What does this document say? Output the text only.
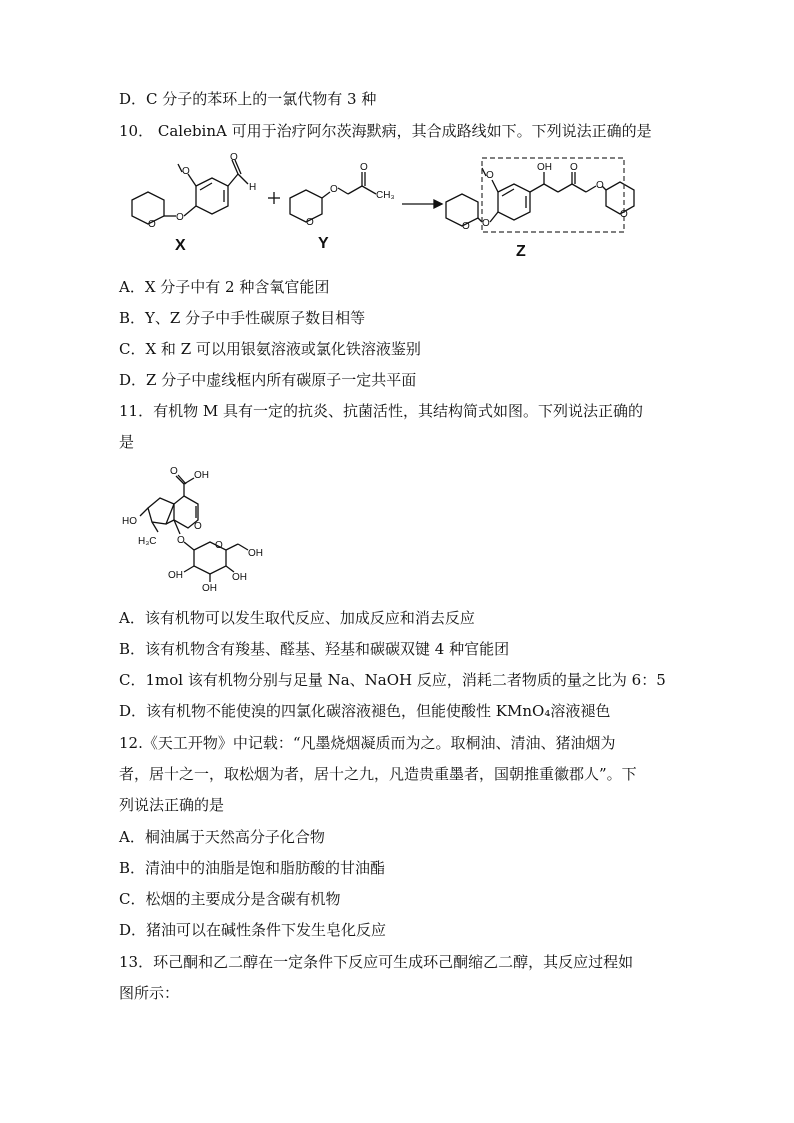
D．C 分子的苯环上的一氯代物有 3 种
10． CalebinA 可用于治疗阿尔茨海默病，其合成路线如下。下列说法正确的是
O
O
O
O
H
O
O
O
CH₃
O O
O
OH O
O
O
X	Y	Z
A．X 分子中有 2 种含氧官能团
B．Y、Z 分子中手性碳原子数目相等
C．X 和 Z 可以用银氨溶液或氯化铁溶液鉴别
D．Z 分子中虚线框内所有碳原子一定共平面
11．有机物 M 具有一定的抗炎、抗菌活性，其结构简式如图。下列说法正确的
是
O OH
O
HO
H₃C O	O
OH
OH
OH
OH
A．该有机物可以发生取代反应、加成反应和消去反应
B．该有机物含有羧基、醛基、羟基和碳碳双键 4 种官能团
C．1mol 该有机物分别与足量 Na、NaOH 反应，消耗二者物质的量之比为 6：5
D．该有机物不能使溴的四氯化碳溶液褪色，但能使酸性 KMnO₄溶液褪色
12.《天工开物》中记载：“凡墨烧烟凝质而为之。取桐油、清油、猪油烟为
者，居十之一，取松烟为者，居十之九，凡造贵重墨者，国朝推重徽郡人”。下
列说法正确的是
A．桐油属于天然高分子化合物
B．清油中的油脂是饱和脂肪酸的甘油酯
C．松烟的主要成分是含碳有机物
D．猪油可以在碱性条件下发生皂化反应
13．环己酮和乙二醇在一定条件下反应可生成环己酮缩乙二醇，其反应过程如
图所示：
